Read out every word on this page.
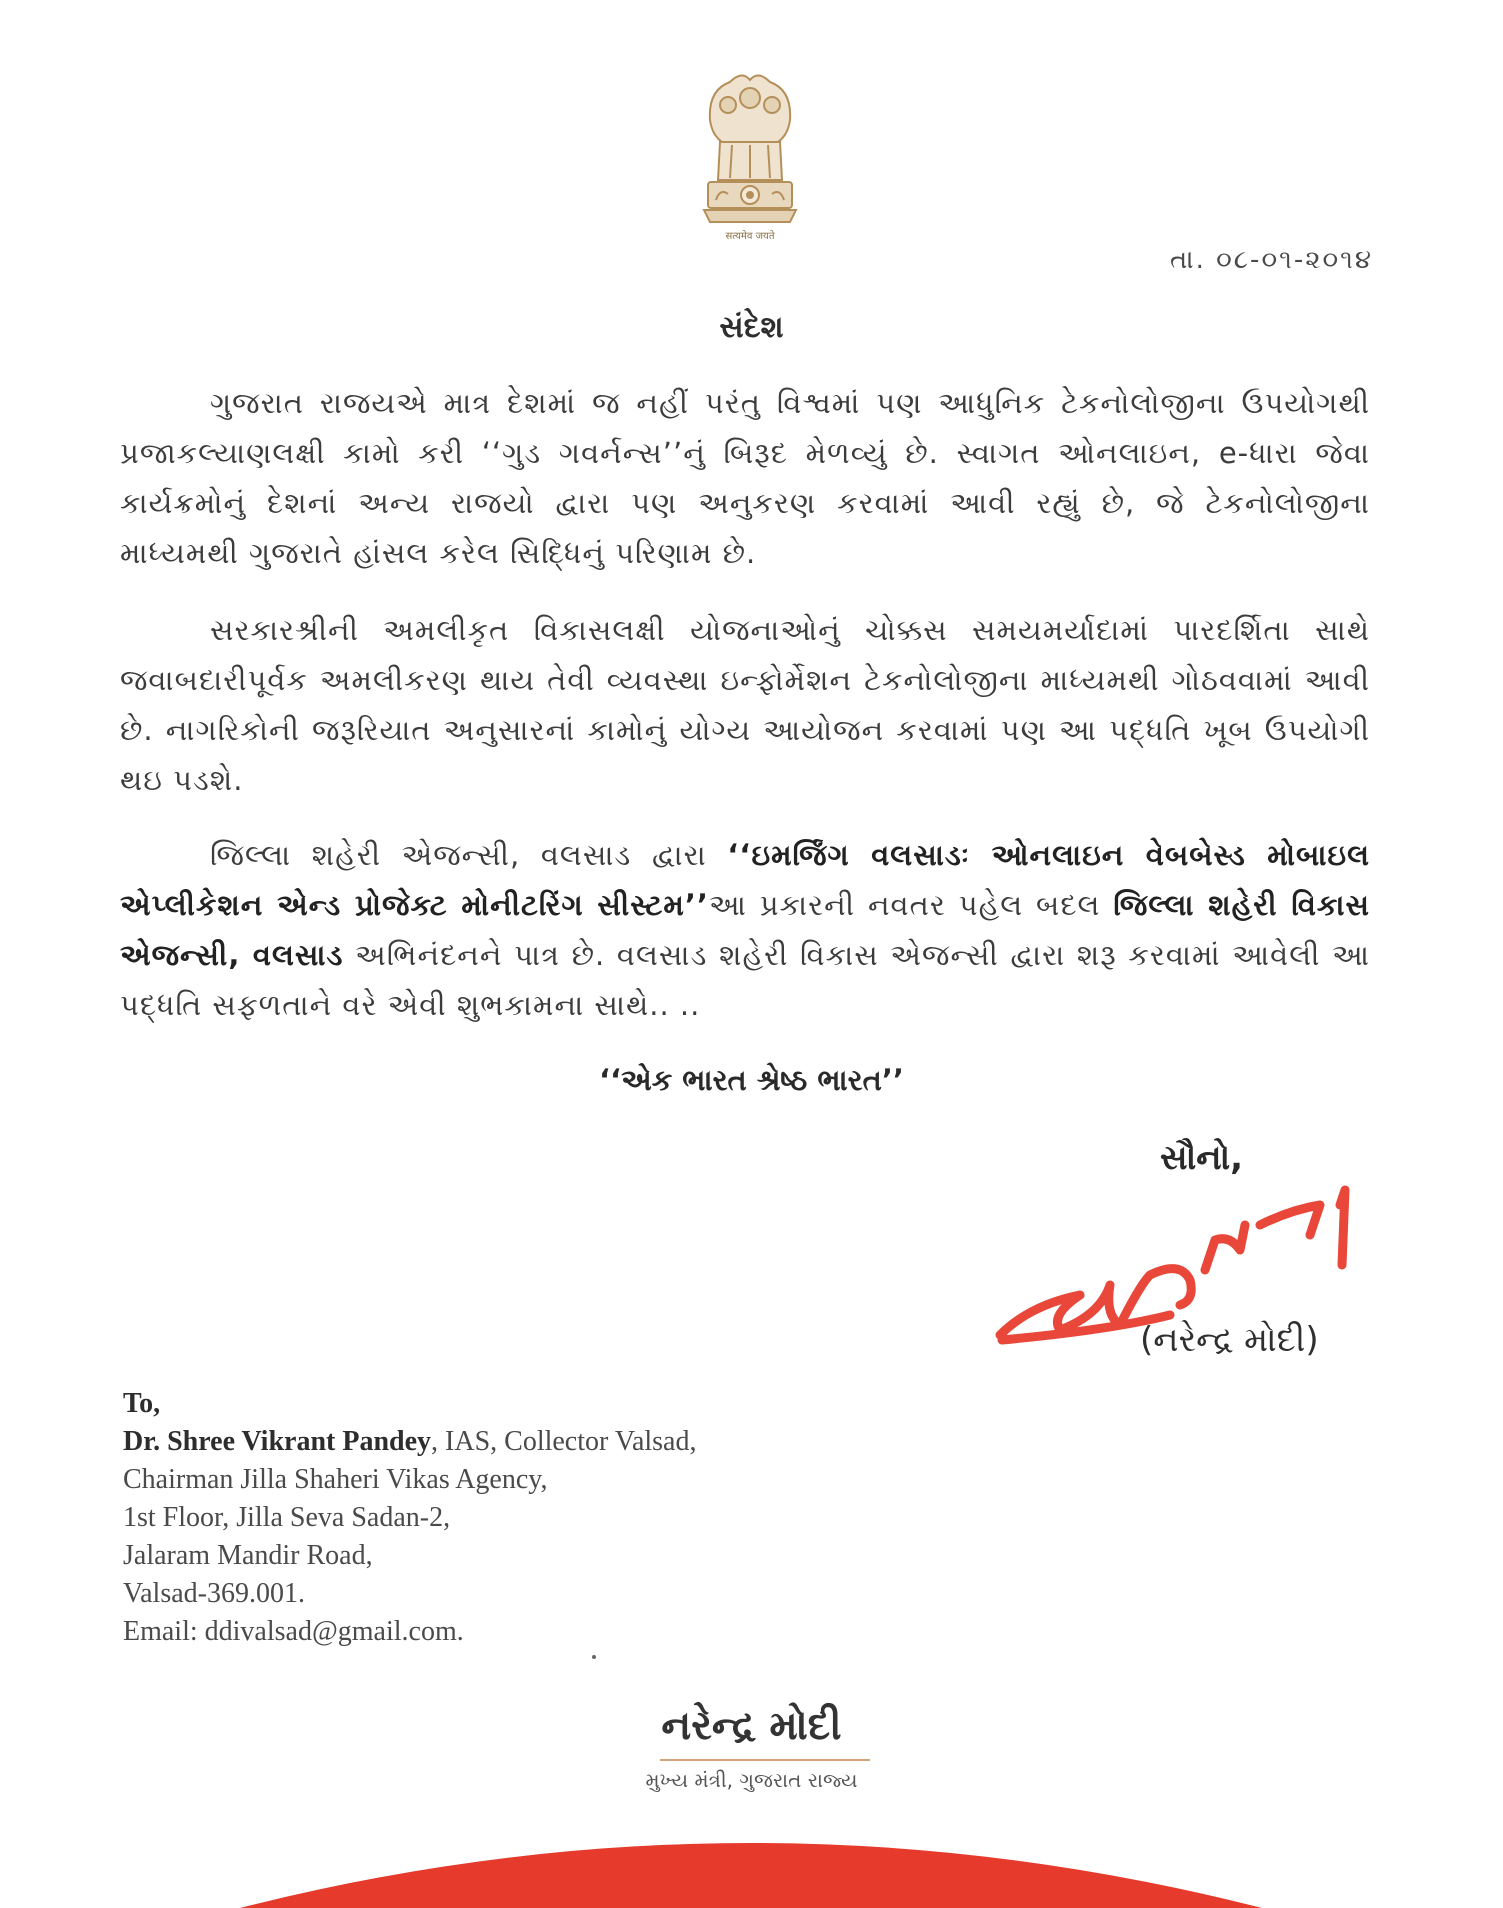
सत्यमेव जयते
તા. ૦૮-૦૧-૨૦૧૪
સંદેશ
ગુજરાત રાજયએ માત્ર દેશમાં જ નહીં પરંતુ વિશ્વમાં પણ આધુનિક ટેકનોલોજીના ઉપયોગથી પ્રજાકલ્યાણલક્ષી કામો કરી ‘‘ગુડ ગવર્નન્સ’’નું બિરૂદ મેળવ્યું છે. સ્વાગત ઓનલાઇન, e-ધારા જેવા કાર્યક્રમોનું દેશનાં અન્ય રાજયો દ્વારા પણ અનુકરણ કરવામાં આવી રહ્યું છે, જે ટેકનોલોજીના માધ્યમથી ગુજરાતે હાંસલ કરેલ સિદ્ધિનું પરિણામ છે.
સરકારશ્રીની અમલીકૃત વિકાસલક્ષી યોજનાઓનું ચોક્કસ સમયમર્યાદામાં પારદર્શિતા સાથે જવાબદારીપૂર્વક અમલીકરણ થાય તેવી વ્યવસ્થા ઇન્ફોર્મેશન ટેકનોલોજીના માધ્યમથી ગોઠવવામાં આવી છે. નાગરિકોની જરૂરિયાત અનુસારનાં કામોનું યોગ્ય આયોજન કરવામાં પણ આ પદ્ધતિ ખૂબ ઉપયોગી થઇ પડશે.
જિલ્લા શહેરી એજન્સી, વલસાડ દ્વારા ‘‘ઇમર્જિંગ વલસાડઃ ઓનલાઇન વેબબેસ્ડ મોબાઇલ એપ્લીકેશન એન્ડ પ્રોજેક્ટ મોનીટરિંગ સીસ્ટમ’’આ પ્રકારની નવતર પહેલ બદલ જિલ્લા શહેરી વિકાસ એજન્સી, વલસાડ અભિનંદનને પાત્ર છે. વલસાડ શહેરી વિકાસ એજન્સી દ્વારા શરૂ કરવામાં આવેલી આ પદ્ધતિ સફળતાને વરે એવી શુભકામના સાથે.. ..
‘‘એક ભારત શ્રેષ્ઠ ભારત’’
સૌનો,
(નરેન્દ્ર મોદી)
To,
Dr. Shree Vikrant Pandey, IAS, Collector Valsad,
Chairman Jilla Shaheri Vikas Agency,
1st Floor, Jilla Seva Sadan-2,
Jalaram Mandir Road,
Valsad-369.001.
Email: ddivalsad@gmail.com.
નરેન્દ્ર મોદી
મુખ્ય મંત્રી, ગુજરાત રાજ્ય
